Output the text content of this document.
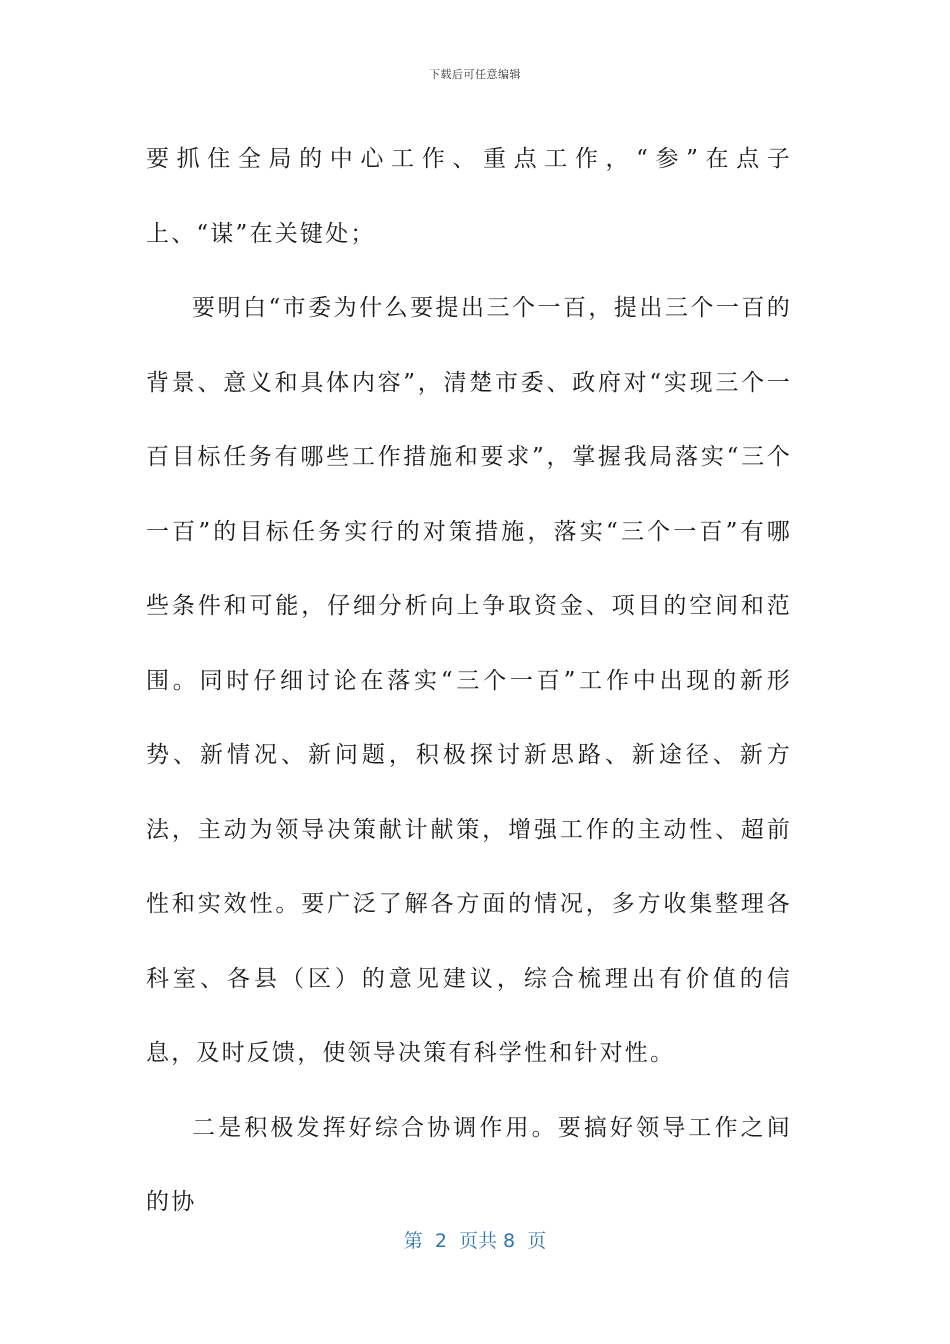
下载后可任意编辑

要抓住全局的中心工作、重点工作，“参”在点子上、“谋”在关键处；

要明白“市委为什么要提出三个一百，提出三个一百的背景、意义和具体内容”，清楚市委、政府对“实现三个一百目标任务有哪些工作措施和要求”，掌握我局落实“三个一百”的目标任务实行的对策措施，落实“三个一百”有哪些条件和可能，仔细分析向上争取资金、项目的空间和范围。同时仔细讨论在落实“三个一百”工作中出现的新形势、新情况、新问题，积极探讨新思路、新途径、新方法，主动为领导决策献计献策，增强工作的主动性、超前性和实效性。要广泛了解各方面的情况，多方收集整理各科室、各县（区）的意见建议，综合梳理出有价值的信息，及时反馈，使领导决策有科学性和针对性。

二是积极发挥好综合协调作用。要搞好领导工作之间的协

第  2  页共 8  页
